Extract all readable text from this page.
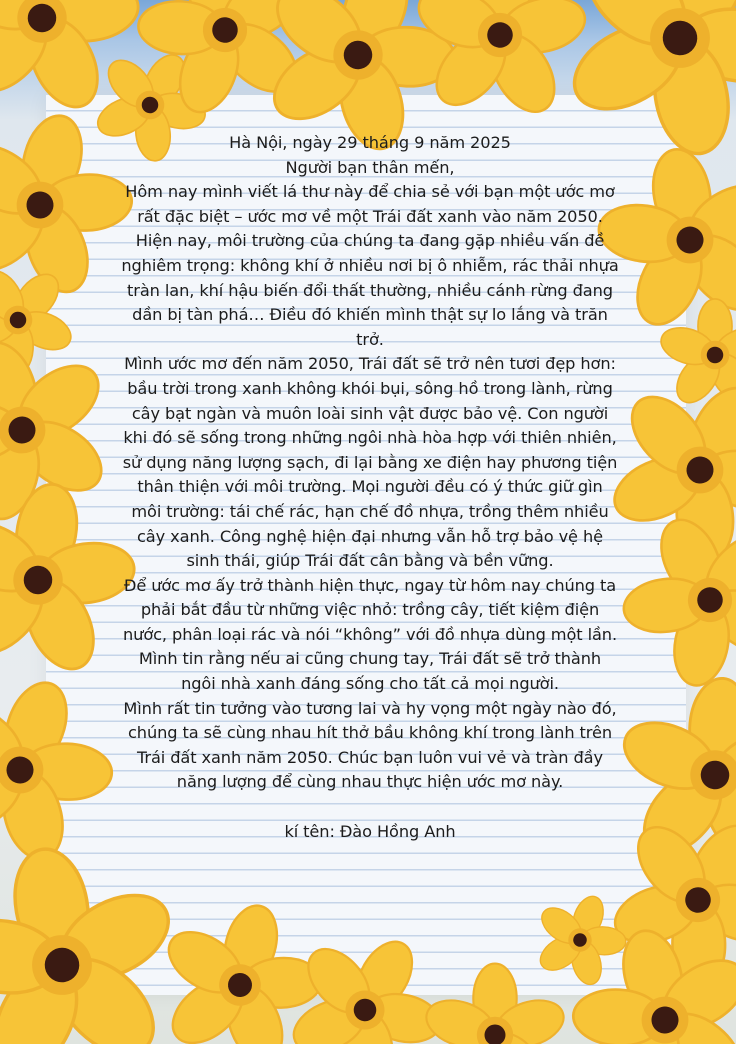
Hà Nội, ngày 29 tháng 9 năm 2025

Người bạn thân mến,

Hôm nay mình viết lá thư này để chia sẻ với bạn một ước mơ rất đặc biệt – ước mơ về một Trái đất xanh vào năm 2050.

Hiện nay, môi trường của chúng ta đang gặp nhiều vấn đề nghiêm trọng: không khí ở nhiều nơi bị ô nhiễm, rác thải nhựa tràn lan, khí hậu biến đổi thất thường, nhiều cánh rừng đang dần bị tàn phá… Điều đó khiến mình thật sự lo lắng và trăn trở.

Mình ước mơ đến năm 2050, Trái đất sẽ trở nên tươi đẹp hơn: bầu trời trong xanh không khói bụi, sông hồ trong lành, rừng cây bạt ngàn và muôn loài sinh vật được bảo vệ. Con người khi đó sẽ sống trong những ngôi nhà hòa hợp với thiên nhiên, sử dụng năng lượng sạch, đi lại bằng xe điện hay phương tiện thân thiện với môi trường. Mọi người đều có ý thức giữ gìn môi trường: tái chế rác, hạn chế đồ nhựa, trồng thêm nhiều cây xanh. Công nghệ hiện đại nhưng vẫn hỗ trợ bảo vệ hệ sinh thái, giúp Trái đất cân bằng và bền vững.

Để ước mơ ấy trở thành hiện thực, ngay từ hôm nay chúng ta phải bắt đầu từ những việc nhỏ: trồng cây, tiết kiệm điện nước, phân loại rác và nói “không” với đồ nhựa dùng một lần. Mình tin rằng nếu ai cũng chung tay, Trái đất sẽ trở thành ngôi nhà xanh đáng sống cho tất cả mọi người.

Mình rất tin tưởng vào tương lai và hy vọng một ngày nào đó, chúng ta sẽ cùng nhau hít thở bầu không khí trong lành trên Trái đất xanh năm 2050. Chúc bạn luôn vui vẻ và tràn đầy năng lượng để cùng nhau thực hiện ước mơ này.

kí tên: Đào Hồng Anh
